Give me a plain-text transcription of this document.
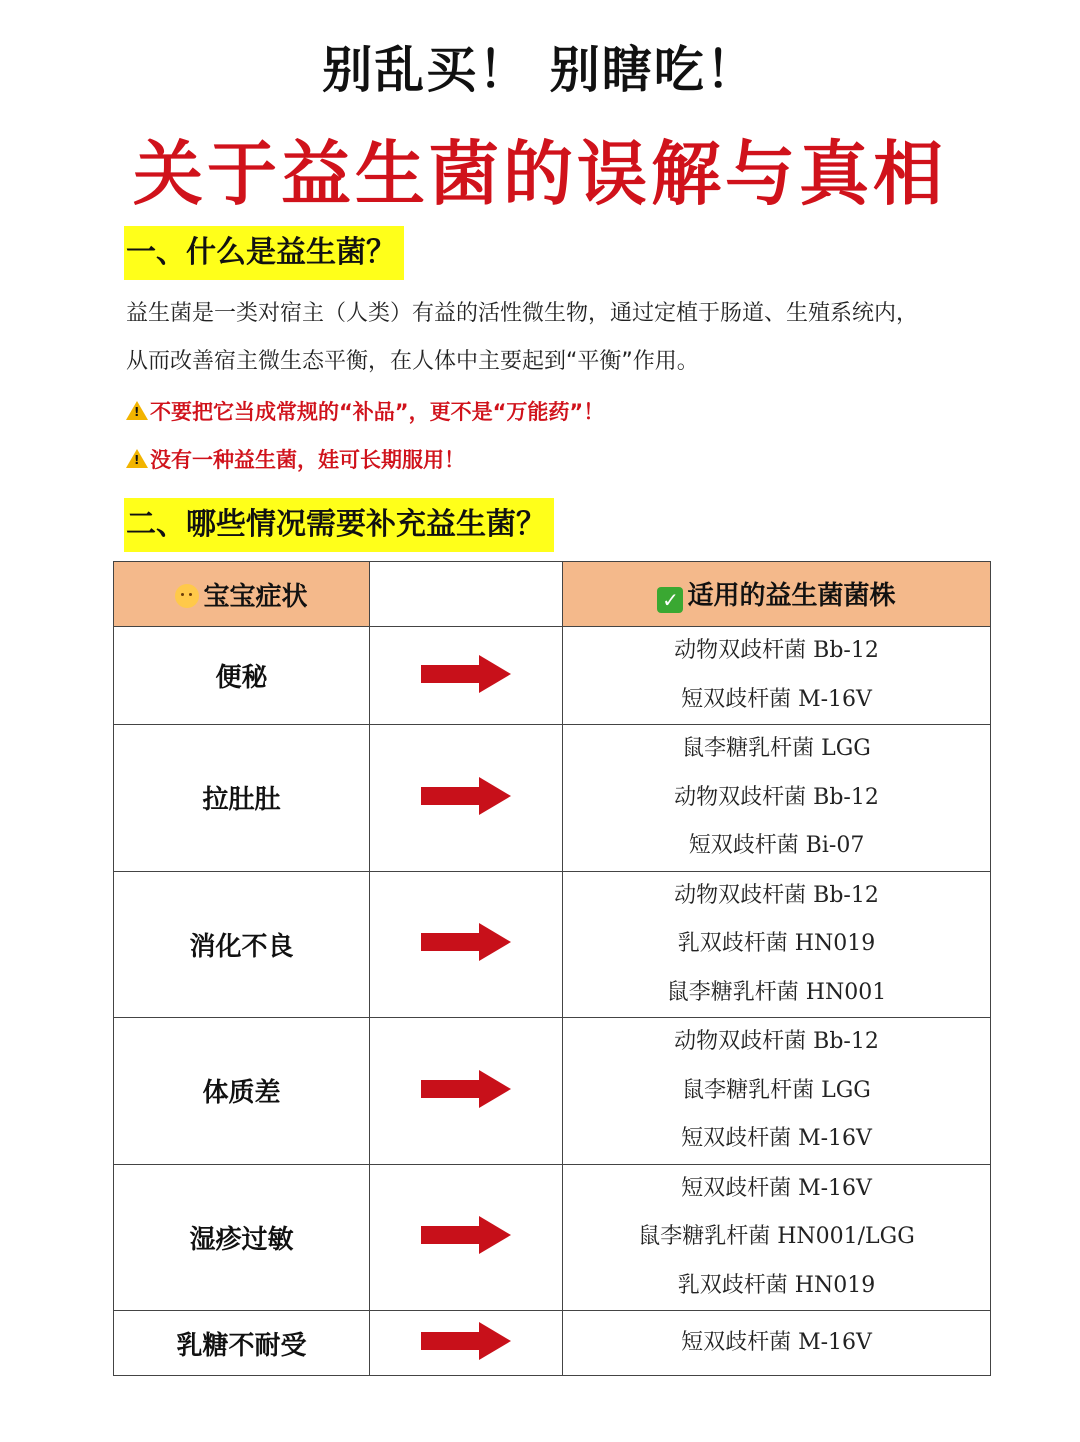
别乱买！ 别瞎吃！
关于益生菌的误解与真相
一、什么是益生菌？
益生菌是一类对宿主（人类）有益的活性微生物，通过定植于肠道、生殖系统内，
从而改善宿主微生态平衡，在人体中主要起到“平衡”作用。
!不要把它当成常规的“补品”，更不是“万能药”！
!没有一种益生菌，娃可长期服用！
二、哪些情况需要补充益生菌？
宝宝症状		✓ 适用的益生菌菌株
便秘		动物双歧杆菌 Bb-12
短双歧杆菌 M-16V

拉肚肚		鼠李糖乳杆菌 LGG
动物双歧杆菌 Bb-12
短双歧杆菌 Bi-07

消化不良		动物双歧杆菌 Bb-12
乳双歧杆菌 HN019
鼠李糖乳杆菌 HN001

体质差		动物双歧杆菌 Bb-12
鼠李糖乳杆菌 LGG
短双歧杆菌 M-16V

湿疹过敏		短双歧杆菌 M-16V
鼠李糖乳杆菌 HN001/LGG
乳双歧杆菌 HN019

乳糖不耐受		短双歧杆菌 M-16V
